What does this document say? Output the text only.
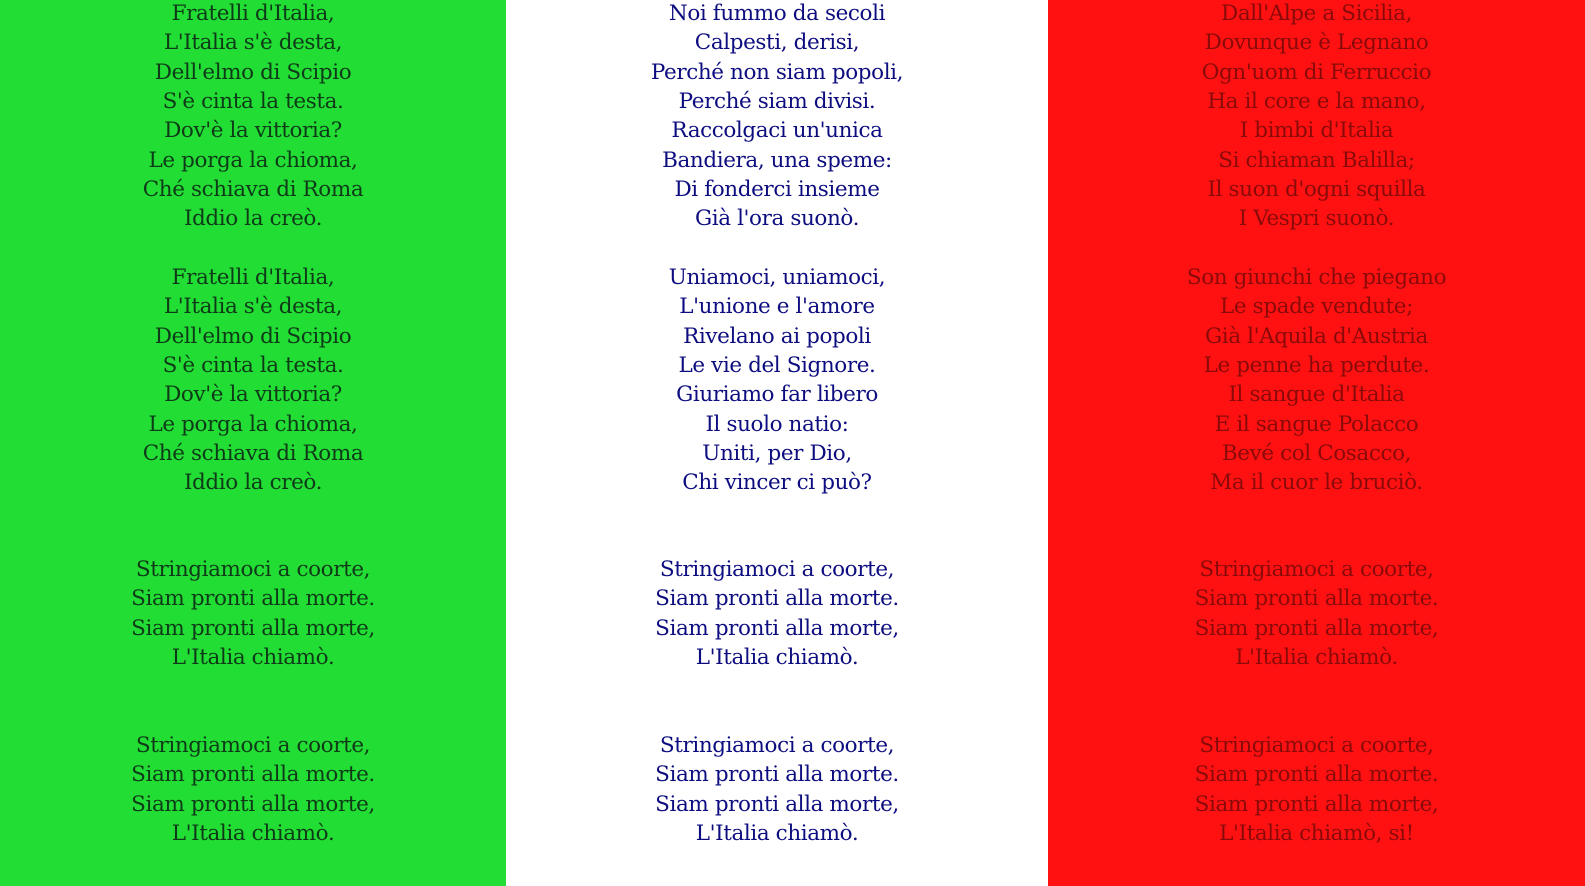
Fratelli d'Italia,
L'Italia s'è desta,
Dell'elmo di Scipio
S'è cinta la testa.
Dov'è la vittoria?
Le porga la chioma,
Ché schiava di Roma
Iddio la creò.
Fratelli d'Italia,
L'Italia s'è desta,
Dell'elmo di Scipio
S'è cinta la testa.
Dov'è la vittoria?
Le porga la chioma,
Ché schiava di Roma
Iddio la creò.
Stringiamoci a coorte,
Siam pronti alla morte.
Siam pronti alla morte,
L'Italia chiamò.
Stringiamoci a coorte,
Siam pronti alla morte.
Siam pronti alla morte,
L'Italia chiamò.
Noi fummo da secoli
Calpesti, derisi,
Perché non siam popoli,
Perché siam divisi.
Raccolgaci un'unica
Bandiera, una speme:
Di fonderci insieme
Già l'ora suonò.
Uniamoci, uniamoci,
L'unione e l'amore
Rivelano ai popoli
Le vie del Signore.
Giuriamo far libero
Il suolo natio:
Uniti, per Dio,
Chi vincer ci può?
Stringiamoci a coorte,
Siam pronti alla morte.
Siam pronti alla morte,
L'Italia chiamò.
Stringiamoci a coorte,
Siam pronti alla morte.
Siam pronti alla morte,
L'Italia chiamò.
Dall'Alpe a Sicilia,
Dovunque è Legnano
Ogn'uom di Ferruccio
Ha il core e la mano,
I bimbi d'Italia
Si chiaman Balilla;
Il suon d'ogni squilla
I Vespri suonò.
Son giunchi che piegano
Le spade vendute;
Già l'Aquila d'Austria
Le penne ha perdute.
Il sangue d'Italia
E il sangue Polacco
Bevé col Cosacco,
Ma il cuor le bruciò.
Stringiamoci a coorte,
Siam pronti alla morte.
Siam pronti alla morte,
L'Italia chiamò.
Stringiamoci a coorte,
Siam pronti alla morte.
Siam pronti alla morte,
L'Italia chiamò, si!
